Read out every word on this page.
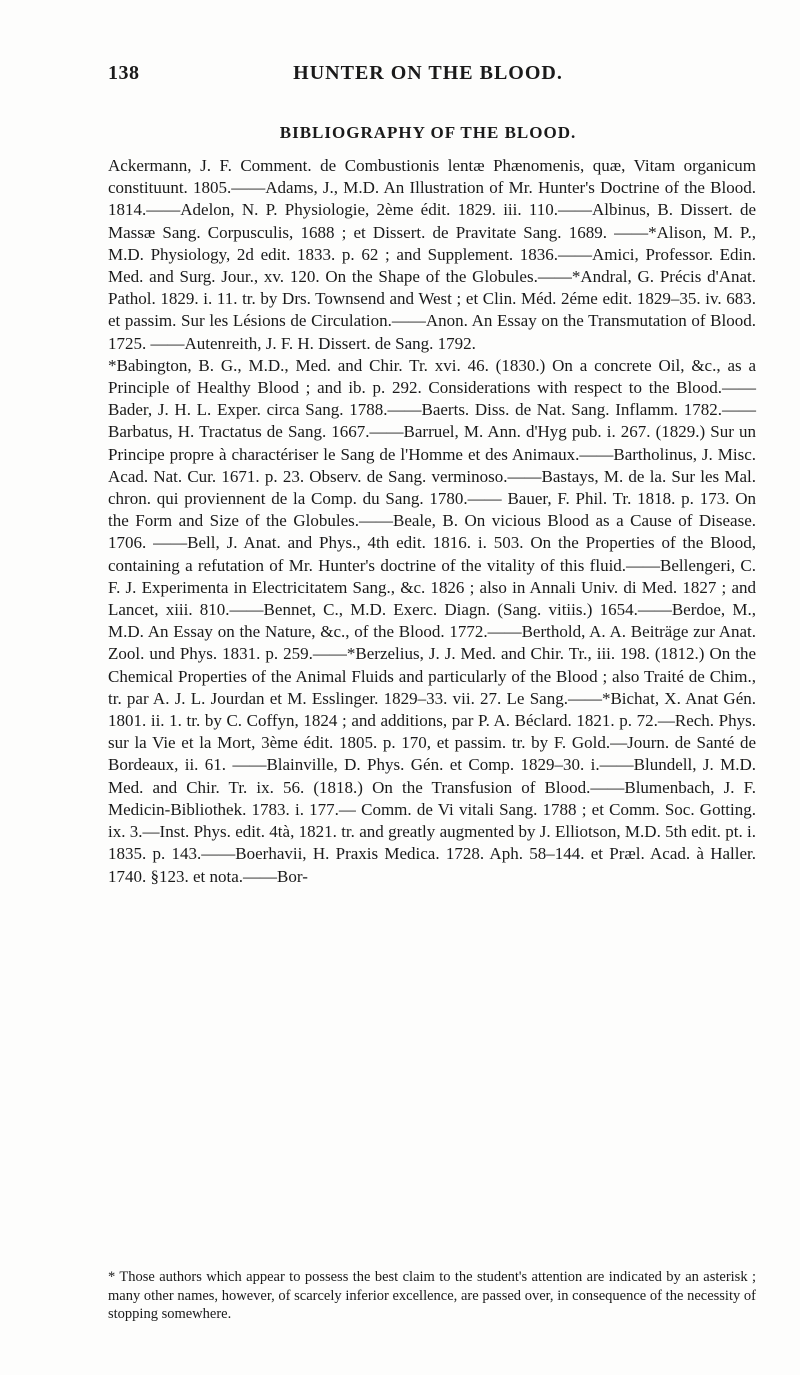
138	HUNTER ON THE BLOOD.
BIBLIOGRAPHY OF THE BLOOD.

Ackermann, J. F. Comment. de Combustionis lentæ Phænomenis, quæ, Vitam organicum constituunt. 1805.——Adams, J., M.D. An Illustration of Mr. Hunter's Doctrine of the Blood. 1814.——Adelon, N. P. Physiologie, 2ème édit. 1829. iii. 110.——Albinus, B. Dissert. de Massæ Sang. Corpusculis, 1688 ; et Dissert. de Pravitate Sang. 1689. ——*Alison, M. P., M.D. Physiology, 2d edit. 1833. p. 62 ; and Supplement. 1836.——Amici, Professor. Edin. Med. and Surg. Jour., xv. 120. On the Shape of the Globules.——*Andral, G. Précis d'Anat. Pathol. 1829. i. 11. tr. by Drs. Townsend and West ; et Clin. Méd. 2éme edit. 1829–35. iv. 683. et passim. Sur les Lésions de Circulation.——Anon. An Essay on the Transmutation of Blood. 1725. ——Autenreith, J. F. H. Dissert. de Sang. 1792.

*Babington, B. G., M.D., Med. and Chir. Tr. xvi. 46. (1830.) On a concrete Oil, &c., as a Principle of Healthy Blood ; and ib. p. 292. Considerations with respect to the Blood.——Bader, J. H. L. Exper. circa Sang. 1788.——Baerts. Diss. de Nat. Sang. Inflamm. 1782.—— Barbatus, H. Tractatus de Sang. 1667.——Barruel, M. Ann. d'Hyg pub. i. 267. (1829.) Sur un Principe propre à charactériser le Sang de l'Homme et des Animaux.——Bartholinus, J. Misc. Acad. Nat. Cur. 1671. p. 23. Observ. de Sang. verminoso.——Bastays, M. de la. Sur les Mal. chron. qui proviennent de la Comp. du Sang. 1780.—— Bauer, F. Phil. Tr. 1818. p. 173. On the Form and Size of the Globules.——Beale, B. On vicious Blood as a Cause of Disease. 1706. ——Bell, J. Anat. and Phys., 4th edit. 1816. i. 503. On the Properties of the Blood, containing a refutation of Mr. Hunter's doctrine of the vitality of this fluid.——Bellengeri, C. F. J. Experimenta in Electricitatem Sang., &c. 1826 ; also in Annali Univ. di Med. 1827 ; and Lancet, xiii. 810.——Bennet, C., M.D. Exerc. Diagn. (Sang. vitiis.) 1654.——Berdoe, M., M.D. An Essay on the Nature, &c., of the Blood. 1772.——Berthold, A. A. Beiträge zur Anat. Zool. und Phys. 1831. p. 259.——*Berzelius, J. J. Med. and Chir. Tr., iii. 198. (1812.) On the Chemical Properties of the Animal Fluids and particularly of the Blood ; also Traité de Chim., tr. par A. J. L. Jourdan et M. Esslinger. 1829–33. vii. 27. Le Sang.——*Bichat, X. Anat Gén. 1801. ii. 1. tr. by C. Coffyn, 1824 ; and additions, par P. A. Béclard. 1821. p. 72.—Rech. Phys. sur la Vie et la Mort, 3ème édit. 1805. p. 170, et passim. tr. by F. Gold.—Journ. de Santé de Bordeaux, ii. 61. ——Blainville, D. Phys. Gén. et Comp. 1829–30. i.——Blundell, J. M.D. Med. and Chir. Tr. ix. 56. (1818.) On the Transfusion of Blood.——Blumenbach, J. F. Medicin-Bibliothek. 1783. i. 177.— Comm. de Vi vitali Sang. 1788 ; et Comm. Soc. Gotting. ix. 3.—Inst. Phys. edit. 4tà, 1821. tr. and greatly augmented by J. Elliotson, M.D. 5th edit. pt. i. 1835. p. 143.——Boerhavii, H. Praxis Medica. 1728. Aph. 58–144. et Præl. Acad. à Haller. 1740. §123. et nota.——Bor-

* Those authors which appear to possess the best claim to the student's attention are indicated by an asterisk ; many other names, however, of scarcely inferior excellence, are passed over, in consequence of the necessity of stopping somewhere.
